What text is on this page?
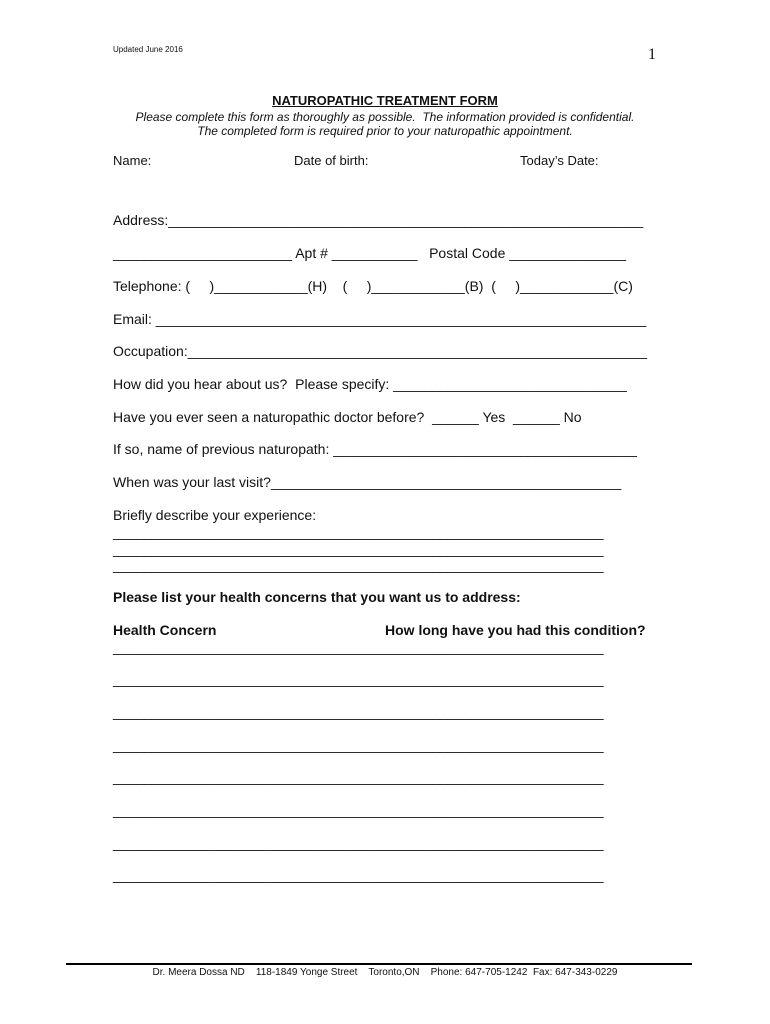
Updated June 2016	1
NATUROPATHIC TREATMENT FORM
Please complete this form as thoroughly as possible.  The information provided is confidential.
The completed form is required prior to your naturopathic appointment.
Name:	Date of birth:	Today’s Date:
Address:_____________________________________________________________
_______________________ Apt # ___________   Postal Code _______________
Telephone: (     )____________(H)    (     )____________(B)  (     )____________(C)
Email: _______________________________________________________________
Occupation:___________________________________________________________
How did you hear about us?  Please specify: ______________________________
Have you ever seen a naturopathic doctor before?  ______ Yes  ______ No
If so, name of previous naturopath: _______________________________________
When was your last visit?_____________________________________________
Briefly describe your experience:
_______________________________________________________________
_______________________________________________________________
_______________________________________________________________
Please list your health concerns that you want us to address:
Health Concern	How long have you had this condition?
_______________________________________________________________
_______________________________________________________________
_______________________________________________________________
_______________________________________________________________
_______________________________________________________________
_______________________________________________________________
_______________________________________________________________
_______________________________________________________________
Dr. Meera Dossa ND    118-1849 Yonge Street    Toronto,ON    Phone: 647-705-1242  Fax: 647-343-0229
